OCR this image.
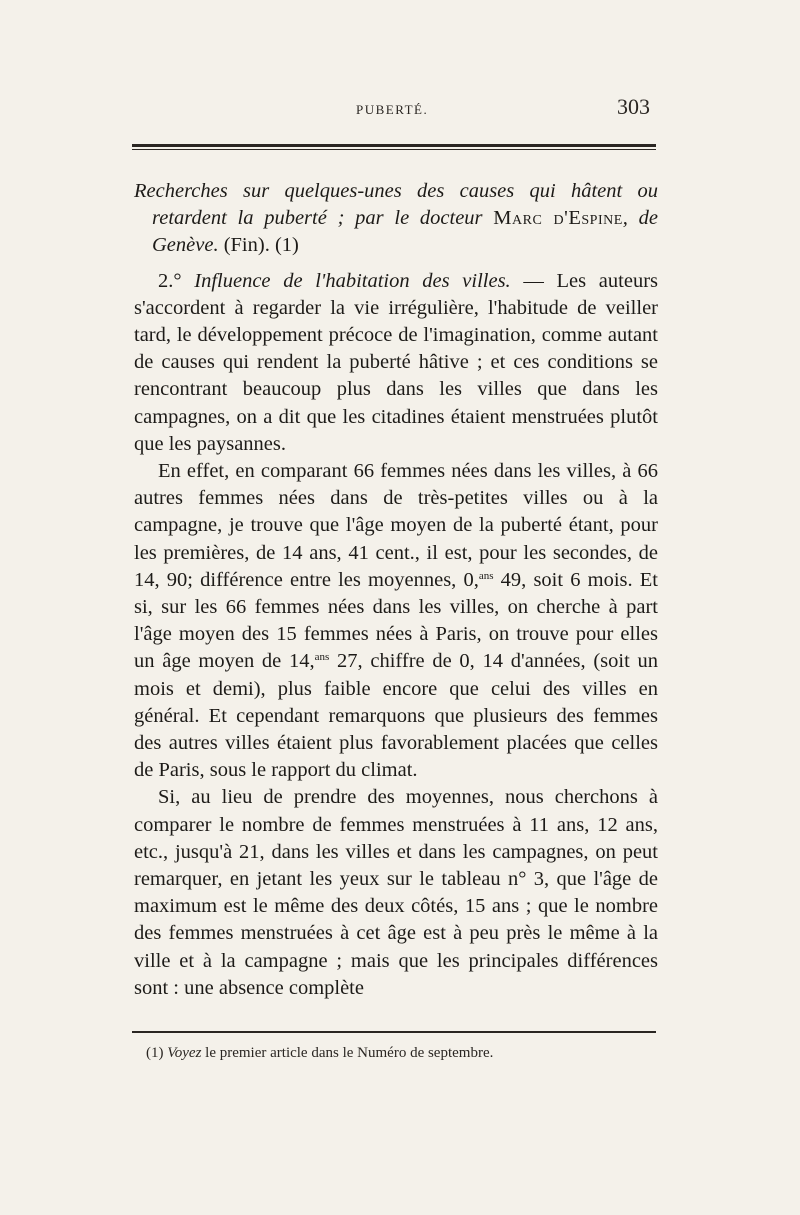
PUBERTÉ.	303

Recherches sur quelques-unes des causes qui hâtent ou retardent la puberté ; par le docteur Marc d'Espine, de Genève. (Fin). (1)

2.° Influence de l'habitation des villes. — Les auteurs s'accordent à regarder la vie irrégulière, l'habitude de veiller tard, le développement précoce de l'imagination, comme autant de causes qui rendent la puberté hâtive ; et ces conditions se rencontrant beaucoup plus dans les villes que dans les campagnes, on a dit que les citadines étaient menstruées plutôt que les paysannes.

En effet, en comparant 66 femmes nées dans les villes, à 66 autres femmes nées dans de très-petites villes ou à la campagne, je trouve que l'âge moyen de la puberté étant, pour les premières, de 14 ans, 41 cent., il est, pour les secondes, de 14, 90; différence entre les moyennes, 0,$^{ans}$ 49, soit 6 mois. Et si, sur les 66 femmes nées dans les villes, on cherche à part l'âge moyen des 15 femmes nées à Paris, on trouve pour elles un âge moyen de 14,$^{ans}$ 27, chiffre de 0, 14 d'années, (soit un mois et demi), plus faible encore que celui des villes en général. Et cependant remarquons que plusieurs des femmes des autres villes étaient plus favorablement placées que celles de Paris, sous le rapport du climat.

Si, au lieu de prendre des moyennes, nous cherchons à comparer le nombre de femmes menstruées à 11 ans, 12 ans, etc., jusqu'à 21, dans les villes et dans les campagnes, on peut remarquer, en jetant les yeux sur le tableau n° 3, que l'âge de maximum est le même des deux côtés, 15 ans ; que le nombre des femmes menstruées à cet âge est à peu près le même à la ville et à la campagne ; mais que les principales différences sont : une absence complète

(1) Voyez le premier article dans le Numéro de septembre.
